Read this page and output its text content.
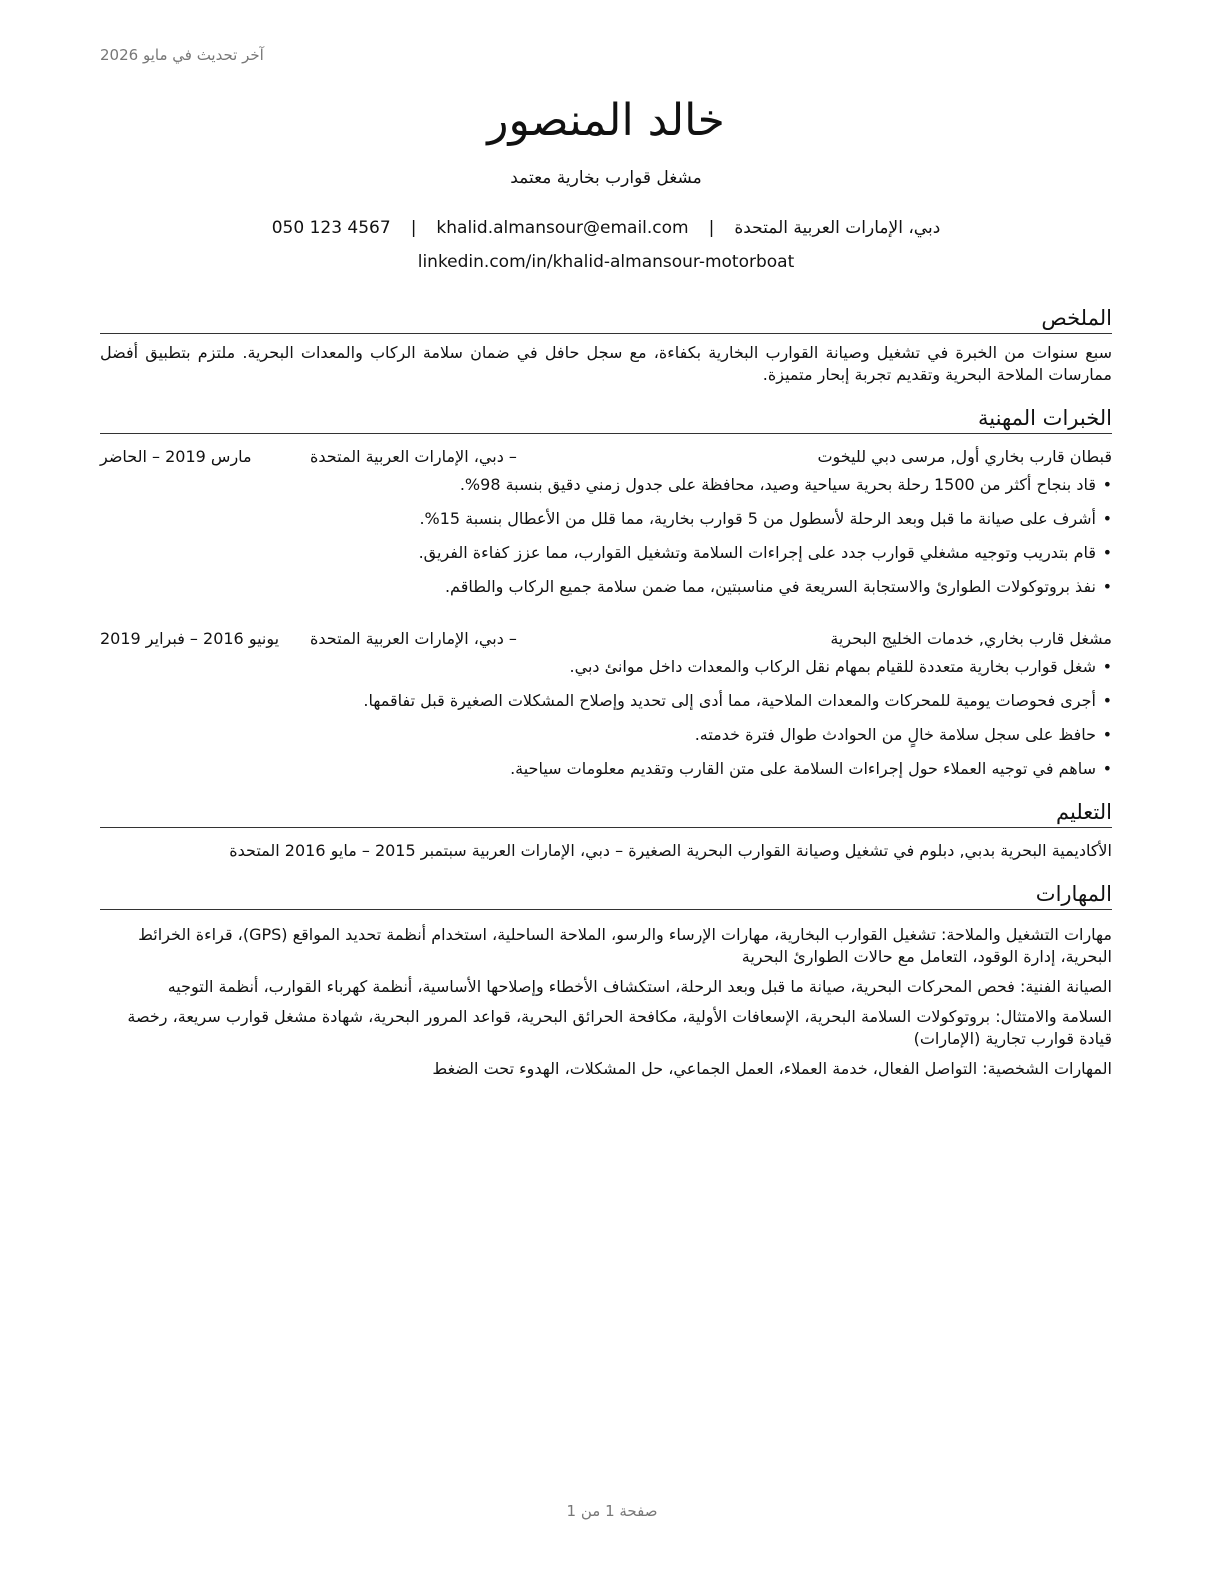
آخر تحديث في مايو 2026
خالد المنصور
مشغل قوارب بخارية معتمد
دبي، الإمارات العربية المتحدة
|
khalid.almansour@email.com
|
050 123 4567
linkedin.com/in/khalid-almansour-motorboat
الملخص

سبع سنوات من الخبرة في تشغيل وصيانة القوارب البخارية بكفاءة، مع سجل حافل في ضمان سلامة الركاب والمعدات البحرية. ملتزم بتطبيق أفضل ممارسات الملاحة البحرية وتقديم تجربة إبحار متميزة.

الخبرات المهنية
قبطان قارب بخاري أول, مرسى دبي لليخوت
– دبي، الإمارات العربية المتحدة
مارس 2019 – الحاضر
• قاد بنجاح أكثر من 1500 رحلة بحرية سياحية وصيد، محافظة على جدول زمني دقيق بنسبة 98%.
• أشرف على صيانة ما قبل وبعد الرحلة لأسطول من 5 قوارب بخارية، مما قلل من الأعطال بنسبة 15%.
• قام بتدريب وتوجيه مشغلي قوارب جدد على إجراءات السلامة وتشغيل القوارب، مما عزز كفاءة الفريق.
• نفذ بروتوكولات الطوارئ والاستجابة السريعة في مناسبتين، مما ضمن سلامة جميع الركاب والطاقم.
مشغل قارب بخاري, خدمات الخليج البحرية
– دبي، الإمارات العربية المتحدة
يونيو 2016 – فبراير 2019
• شغل قوارب بخارية متعددة للقيام بمهام نقل الركاب والمعدات داخل موانئ دبي.
• أجرى فحوصات يومية للمحركات والمعدات الملاحية، مما أدى إلى تحديد وإصلاح المشكلات الصغيرة قبل تفاقمها.
• حافظ على سجل سلامة خالٍ من الحوادث طوال فترة خدمته.
• ساهم في توجيه العملاء حول إجراءات السلامة على متن القارب وتقديم معلومات سياحية.
التعليم

الأكاديمية البحرية بدبي, دبلوم في تشغيل وصيانة القوارب البحرية الصغيرة – دبي، الإمارات العربية سبتمبر 2015 – مايو 2016 المتحدة

المهارات

مهارات التشغيل والملاحة: تشغيل القوارب البخارية، مهارات الإرساء والرسو، الملاحة الساحلية، استخدام أنظمة تحديد المواقع (GPS)، قراءة الخرائط البحرية، إدارة الوقود، التعامل مع حالات الطوارئ البحرية

الصيانة الفنية: فحص المحركات البحرية، صيانة ما قبل وبعد الرحلة، استكشاف الأخطاء وإصلاحها الأساسية، أنظمة كهرباء القوارب، أنظمة التوجيه

السلامة والامتثال: بروتوكولات السلامة البحرية، الإسعافات الأولية، مكافحة الحرائق البحرية، قواعد المرور البحرية، شهادة مشغل قوارب سريعة، رخصة قيادة قوارب تجارية (الإمارات)

المهارات الشخصية: التواصل الفعال، خدمة العملاء، العمل الجماعي، حل المشكلات، الهدوء تحت الضغط

صفحة 1 من 1
